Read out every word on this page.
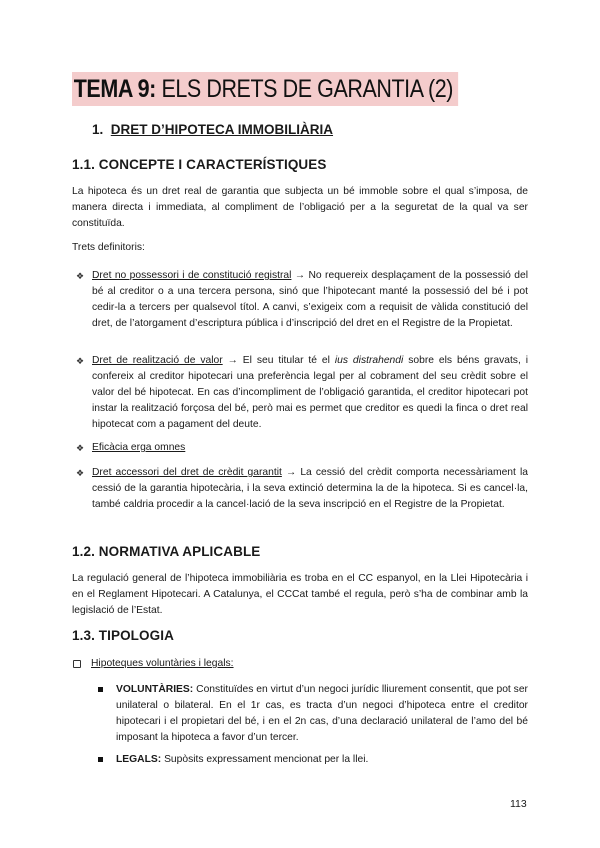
TEMA 9: ELS DRETS DE GARANTIA (2)
1. DRET D’HIPOTECA IMMOBILIÀRIA
1.1. CONCEPTE I CARACTERÍSTIQUES

La hipoteca és un dret real de garantia que subjecta un bé immoble sobre el qual s’imposa, de manera directa i immediata, al compliment de l’obligació per a la seguretat de la qual va ser constituïda.

Trets definitoris:

❖ Dret no possessori i de constitució registral → No requereix desplaçament de la possessió del bé al creditor o a una tercera persona, sinó que l’hipotecant manté la possessió del bé i pot cedir-la a tercers per qualsevol títol. A canvi, s’exigeix com a requisit de vàlida constitució del dret, de l’atorgament d’escriptura pública i d’inscripció del dret en el Registre de la Propietat.
❖ Dret de realització de valor → El seu titular té el ius distrahendi sobre els béns gravats, i confereix al creditor hipotecari una preferència legal per al cobrament del seu crèdit sobre el valor del bé hipotecat. En cas d’incompliment de l’obligació garantida, el creditor hipotecari pot instar la realització forçosa del bé, però mai es permet que creditor es quedi la finca o dret real hipotecat com a pagament del deute.
❖ Eficàcia erga omnes
❖ Dret accessori del dret de crèdit garantit → La cessió del crèdit comporta necessàriament la cessió de la garantia hipotecària, i la seva extinció determina la de la hipoteca. Si es cancel·la, també caldria procedir a la cancel·lació de la seva inscripció en el Registre de la Propietat.
1.2. NORMATIVA APLICABLE

La regulació general de l’hipoteca immobiliària es troba en el CC espanyol, en la Llei Hipotecària i en el Reglament Hipotecari. A Catalunya, el CCCat també el regula, però s’ha de combinar amb la legislació de l’Estat.

1.3. TIPOLOGIA
Hipoteques voluntàries i legals:
VOLUNTÀRIES: Constituïdes en virtut d’un negoci jurídic lliurement consentit, que pot ser unilateral o bilateral. En el 1r cas, es tracta d’un negoci d’hipoteca entre el creditor hipotecari i el propietari del bé, i en el 2n cas, d’una declaració unilateral de l’amo del bé imposant la hipoteca a favor d’un tercer.
LEGALS: Supòsits expressament mencionat per la llei.
113
